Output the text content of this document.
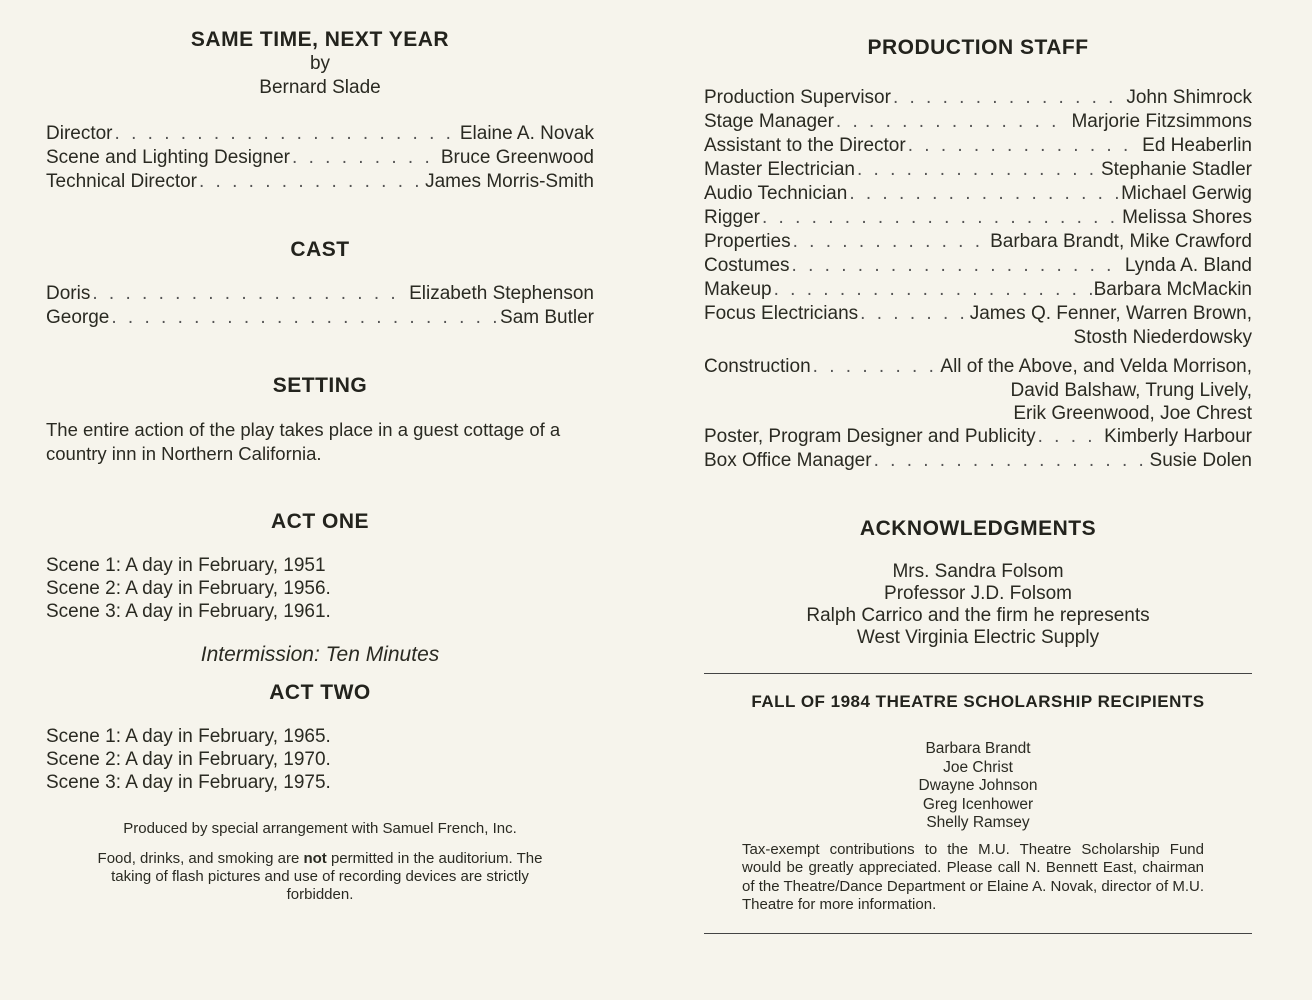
SAME TIME, NEXT YEAR
by
Bernard Slade
Director . . .	Elaine A. Novak
Scene and Lighting Designer . . .	Bruce Greenwood
Technical Director . . .	James Morris-Smith
CAST
Doris . . .	Elizabeth Stephenson
George . . .	Sam Butler
SETTING
The entire action of the play takes place in a guest cottage of a country inn in Northern California.
ACT ONE
Scene 1: A day in February, 1951
Scene 2: A day in February, 1956.
Scene 3: A day in February, 1961.
Intermission: Ten Minutes
ACT TWO
Scene 1: A day in February, 1965.
Scene 2: A day in February, 1970.
Scene 3: A day in February, 1975.
Produced by special arrangement with Samuel French, Inc.
Food, drinks, and smoking are not permitted in the auditorium. The taking of flash pictures and use of recording devices are strictly forbidden.
PRODUCTION STAFF
Production Supervisor . . .	John Shimrock
Stage Manager . . .	Marjorie Fitzsimmons
Assistant to the Director . . .	Ed Heaberlin
Master Electrician . . .	Stephanie Stadler
Audio Technician . . .	Michael Gerwig
Rigger . . .	Melissa Shores
Properties . . .	Barbara Brandt, Mike Crawford
Costumes . . .	Lynda A. Bland
Makeup . . .	Barbara McMackin
Focus Electricians . . .	James Q. Fenner, Warren Brown,
Stosth Niederdowsky
Construction . . .	All of the Above, and Velda Morrison,
David Balshaw, Trung Lively,
Erik Greenwood, Joe Chrest
Poster, Program Designer and Publicity . . .	Kimberly Harbour
Box Office Manager . . .	Susie Dolen
ACKNOWLEDGMENTS
Mrs. Sandra Folsom
Professor J.D. Folsom
Ralph Carrico and the firm he represents
West Virginia Electric Supply
FALL OF 1984 THEATRE SCHOLARSHIP RECIPIENTS
Barbara Brandt
Joe Christ
Dwayne Johnson
Greg Icenhower
Shelly Ramsey
Tax-exempt contributions to the M.U. Theatre Scholarship Fund would be greatly appreciated. Please call N. Bennett East, chairman of the Theatre/Dance Department or Elaine A. Novak, director of M.U. Theatre for more information.
